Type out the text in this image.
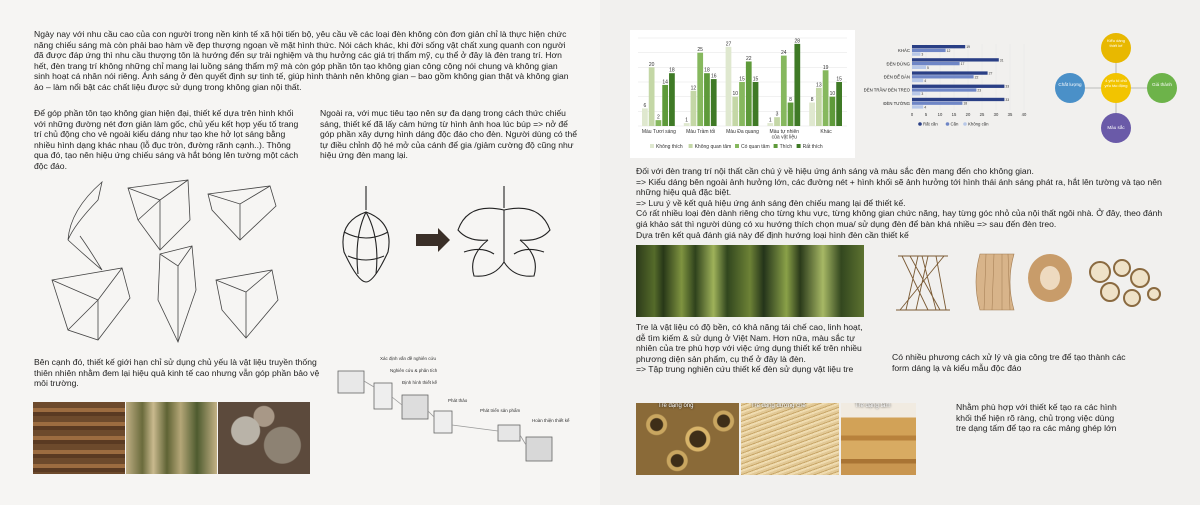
Ngày nay với nhu cầu cao của con người trong nền kinh tế xã hội tiến bộ, yêu cầu về các loại đèn không còn đơn giản chỉ là thực hiện chức năng chiếu sáng mà còn phải bao hàm về đẹp thượng ngoạn về mặt hình thức. Nói cách khác, khi đời sống vật chất xung quanh con người đã được đáp ứng thì nhu cầu thượng tôn là hướng đến sự trải nghiệm và thụ hưởng các giá trị thẩm mỹ, cụ thể ở đây là đèn trang trí. Hơn hết, đèn trang trí không những chỉ mang lại luồng sáng thẩm mỹ mà còn góp phần tôn tạo không gian công cộng nói chung và không gian sinh hoạt cá nhân nói riêng. Ánh sáng ở đèn quyết định sự tinh tế, giúp hình thành nên không gian – bao gồm không gian thật và không gian ảo – làm nổi bật các chất liệu được sử dụng trong không gian nội thất.

Để góp phần tôn tạo không gian hiện đại, thiết kế dựa trên hình khối với những đường nét đơn giản làm gốc, chủ yếu kết hợp yếu tố trang trí chủ động cho vẻ ngoài kiểu dáng như tạo khe hở lọt sáng bằng nhiều hình dạng khác nhau (lỗ đục tròn, đường rãnh cạnh..). Thông qua đó, tạo nên hiệu ứng chiếu sáng và hắt bóng lên tường một cách độc đáo.

Ngoài ra, với mục tiêu tạo nên sự đa dạng trong cách thức chiếu sáng, thiết kế đã lấy cảm hứng từ hình ảnh hoa lúc búp => nở để góp phần xây dựng hình dáng độc đáo cho đèn. Người dùng có thể tự điều chỉnh độ hé mở của cánh để gia /giảm cường độ cũng như hiệu ứng đèn mang lại.

Bên cạnh đó, thiết kế giới hạn chỉ sử dụng chủ yếu là vật liệu truyền thống thiên nhiên nhằm đem lại hiệu quả kinh tế cao nhưng vẫn góp phần bảo vệ môi trường.

Xác định vấn đề nghiên cứu
Nghiên cứu & phân tích
Định hình thiết kế
Phát thảo
Phát triển sản phẩm
Hoàn thiện thiết kế
6
20
2
14
18
Màu Tươi sáng
1
12
25
18
16
Màu Trầm tối
27
10
15
22
15
Màu Đa quang
1
3
24
8
28
Màu tự nhiên
của vật liệu
8
13
19
10
15
Khác
Không thích Không quan tâm Có quan tâm Thích Rất thích
0	5 10 15 20 25 30 35 40
KHÁC
19
12
3
ĐÈN ĐỨNG
31
17
5
ĐÈN ĐỂ BÀN
27
22
4
ĐÈN TRẦN/ ĐÈN TREO
33
23
3
ĐÈN TƯỜNG
33
18
4
Rất cần	Cần Không cần
4 yếu tố chủ yếu tác động
Kiểu dáng thiết kế
Chất lượng	Giá thành
Màu sắc

Đối với đèn trang trí nội thất cần chú ý về hiệu ứng ánh sáng và màu sắc đèn mang đến cho không gian.
=> Kiểu dáng bên ngoài ảnh hưởng lớn, các đường nét + hình khối sẽ ảnh hưởng tới hình thái ánh sáng phát ra, hắt lên tường và tạo nên những hiệu quả đặc biệt.
=> Lưu ý về kết quả hiệu ứng ánh sáng đèn chiếu mang lại để thiết kế.
Có rất nhiều loại đèn dành riêng cho từng khu vực, từng không gian chức năng, hay từng góc nhỏ của nội thất ngôi nhà. Ở đây, theo đánh giá khảo sát thì người dùng có xu hướng thích chọn mua/ sử dụng đèn để bàn khá nhiều => sau đến đèn treo.
Dựa trên kết quả đánh giá này để định hướng loại hình đèn cần thiết kế

Tre là vật liệu có độ bền, có khả năng tái chế cao, linh hoạt, dễ tìm kiếm & sử dụng ở Việt Nam. Hơn nữa, màu sắc tự nhiên của tre phù hợp với việc ứng dụng thiết kế trên nhiều phương diện sản phẩm, cụ thể ở đây là đèn.
=> Tập trung nghiên cứu thiết kế đèn sử dụng vật liệu tre

Có nhiều phương cách xử lý và gia công tre để tạo thành các form dáng lạ và kiểu mẫu độc đáo

Tre dạng ống	Tre dạng đường chẻ	Tre dạng tấm	Nhằm phù hợp với thiết kế tạo ra các hình khối thể hiện rõ ràng, chủ trọng việc dùng tre dạng tấm để tạo ra các mảng ghép lớn
